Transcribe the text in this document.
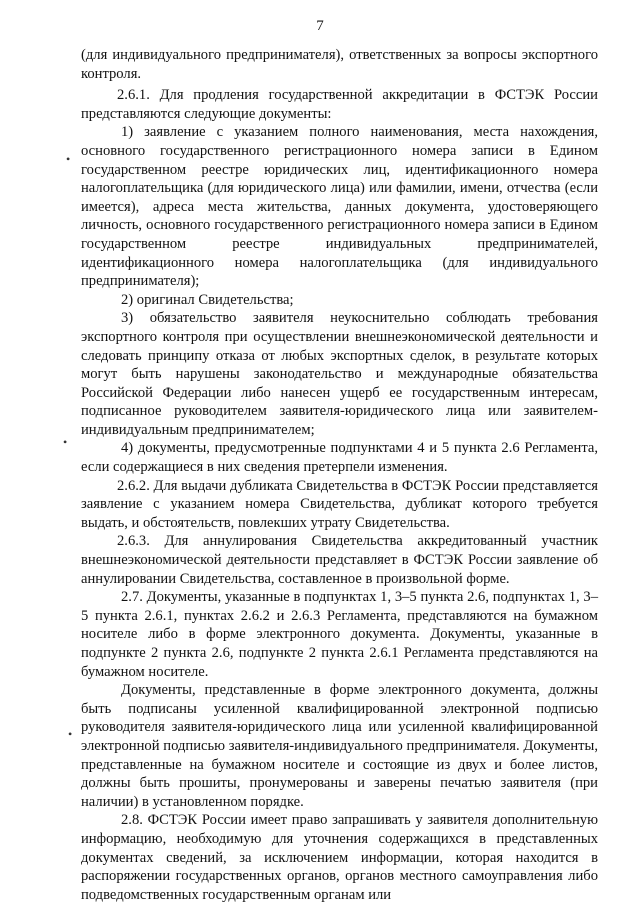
7

(для индивидуального предпринимателя), ответственных за вопросы экспортного контроля.

2.6.1. Для продления государственной аккредитации в ФСТЭК России представляются следующие документы:

1) заявление с указанием полного наименования, места нахождения, основного государственного регистрационного номера записи в Едином государственном реестре юридических лиц, идентификационного номера налогоплательщика (для юридического лица) или фамилии, имени, отчества (если имеется), адреса места жительства, данных документа, удостоверяющего личность, основного государственного регистрационного номера записи в Едином государственном реестре индивидуальных предпринимателей, идентификационного номера налогоплательщика (для индивидуального предпринимателя);

2) оригинал Свидетельства;

3) обязательство заявителя неукоснительно соблюдать требования экспортного контроля при осуществлении внешнеэкономической деятельности и следовать принципу отказа от любых экспортных сделок, в результате которых могут быть нарушены законодательство и международные обязательства Российской Федерации либо нанесен ущерб ее государственным интересам, подписанное руководителем заявителя-юридического лица или заявителем-индивидуальным предпринимателем;

4) документы, предусмотренные подпунктами 4 и 5 пункта 2.6 Регламента, если содержащиеся в них сведения претерпели изменения.

2.6.2. Для выдачи дубликата Свидетельства в ФСТЭК России представляется заявление с указанием номера Свидетельства, дубликат которого требуется выдать, и обстоятельств, повлекших утрату Свидетельства.

2.6.3. Для аннулирования Свидетельства аккредитованный участник внешнеэкономической деятельности представляет в ФСТЭК России заявление об аннулировании Свидетельства, составленное в произвольной форме.

2.7. Документы, указанные в подпунктах 1, 3–5 пункта 2.6, подпунктах 1, 3–5 пункта 2.6.1, пунктах 2.6.2 и 2.6.3 Регламента, представляются на бумажном носителе либо в форме электронного документа. Документы, указанные в подпункте 2 пункта 2.6, подпункте 2 пункта 2.6.1 Регламента представляются на бумажном носителе.

Документы, представленные в форме электронного документа, должны быть подписаны усиленной квалифицированной электронной подписью руководителя заявителя-юридического лица или усиленной квалифицированной электронной подписью заявителя-индивидуального предпринимателя. Документы, представленные на бумажном носителе и состоящие из двух и более листов, должны быть прошиты, пронумерованы и заверены печатью заявителя (при наличии) в установленном порядке.

2.8. ФСТЭК России имеет право запрашивать у заявителя дополнительную информацию, необходимую для уточнения содержащихся в представленных документах сведений, за исключением информации, которая находится в распоряжении государственных органов, органов местного самоуправления либо подведомственных государственным органам или

•
•
•
